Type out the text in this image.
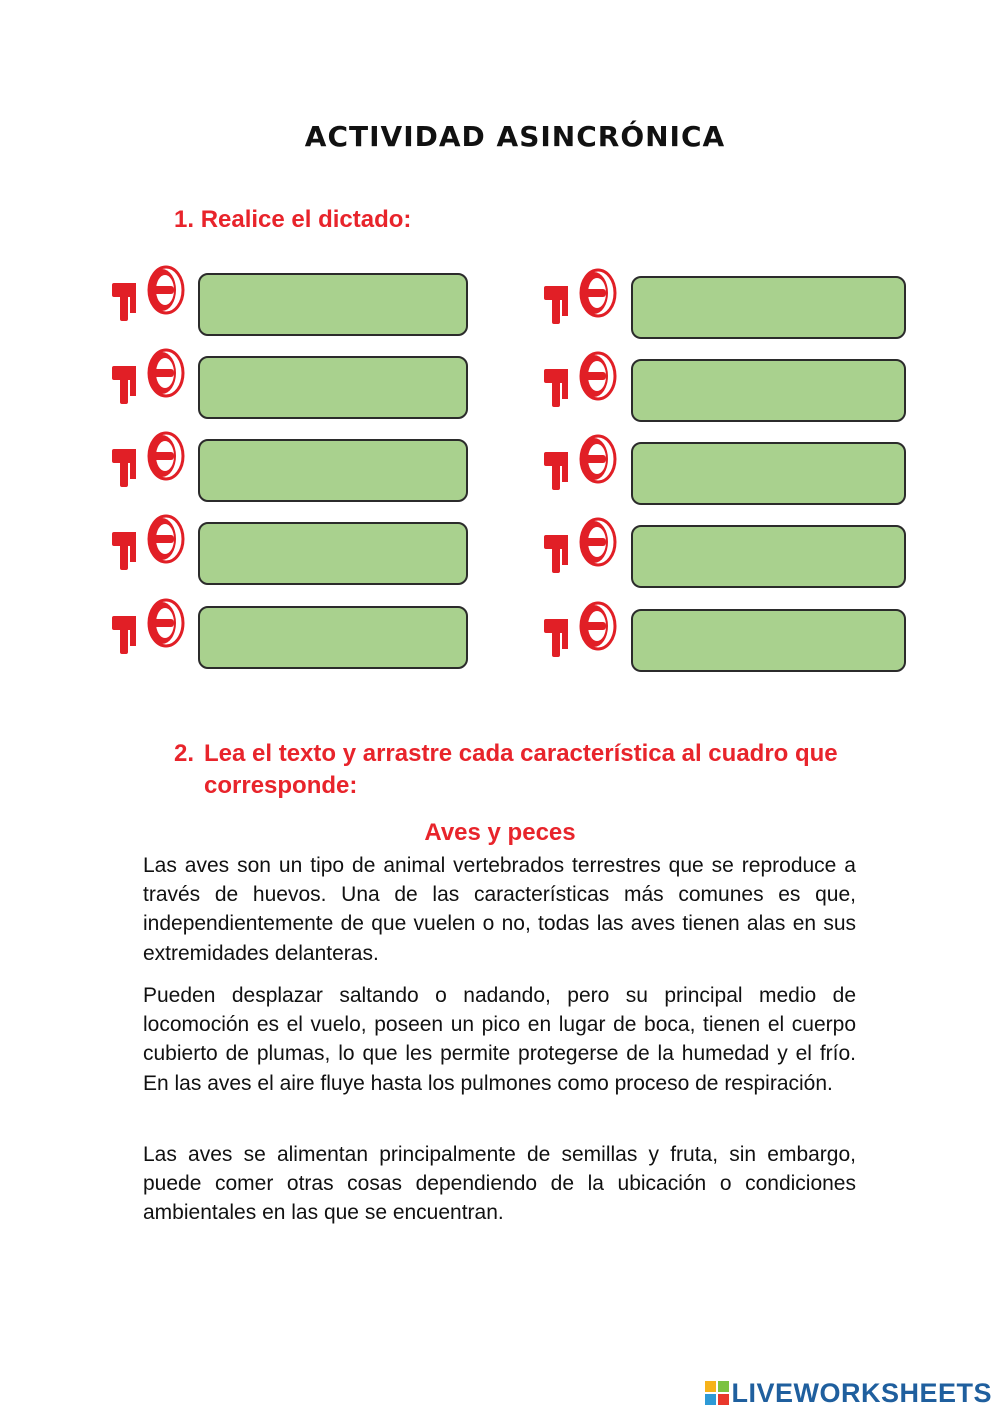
ACTIVIDAD ASINCRÓNICA
1. Realice el dictado:
2. Lea el texto y arrastre cada característica al cuadro que corresponde:
Aves y peces

Las aves son un tipo de animal vertebrados terrestres que se reproduce a través de huevos. Una de las características más comunes es que, independientemente de que vuelen o no, todas las aves tienen alas en sus extremidades delanteras.

Pueden desplazar saltando o nadando, pero su principal medio de locomoción es el vuelo, poseen un pico en lugar de boca, tienen el cuerpo cubierto de plumas, lo que les permite protegerse de la humedad y el frío. En las aves el aire fluye hasta los pulmones como proceso de respiración.

Las aves se alimentan principalmente de semillas y fruta, sin embargo, puede comer otras cosas dependiendo de la ubicación o condiciones ambientales en las que se encuentran.

LIVEWORKSHEETS
